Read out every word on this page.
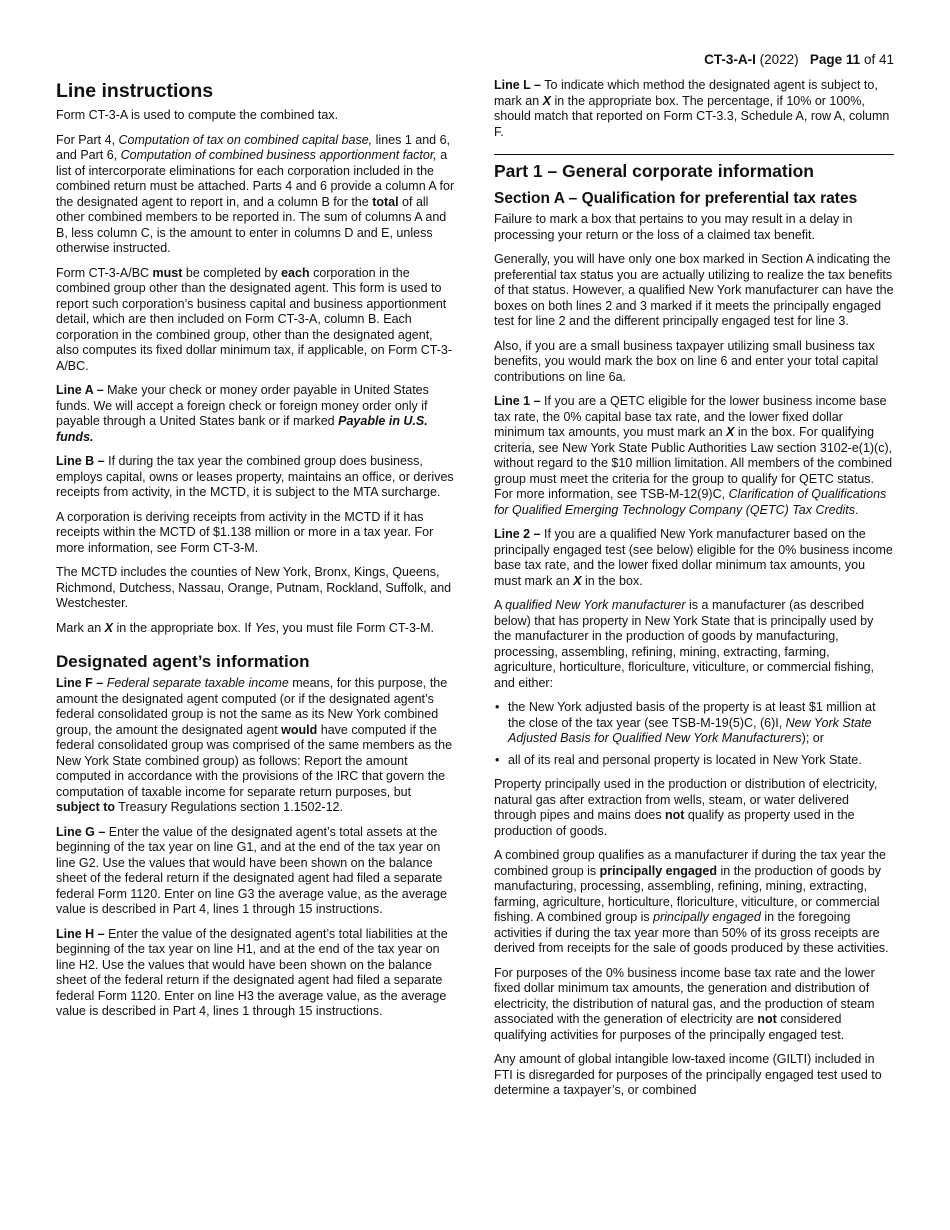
CT-3-A-I (2022) Page 11 of 41
Line instructions

Form CT-3-A is used to compute the combined tax.

For Part 4, Computation of tax on combined capital base, lines 1 and 6, and Part 6, Computation of combined business apportionment factor, a list of intercorporate eliminations for each corporation included in the combined return must be attached. Parts 4 and 6 provide a column A for the designated agent to report in, and a column B for the total of all other combined members to be reported in. The sum of columns A and B, less column C, is the amount to enter in columns D and E, unless otherwise instructed.

Form CT-3-A/BC must be completed by each corporation in the combined group other than the designated agent. This form is used to report such corporation’s business capital and business apportionment detail, which are then included on Form CT-3-A, column B. Each corporation in the combined group, other than the designated agent, also computes its fixed dollar minimum tax, if applicable, on Form CT-3-A/BC.

Line A – Make your check or money order payable in United States funds. We will accept a foreign check or foreign money order only if payable through a United States bank or if marked Payable in U.S. funds.

Line B – If during the tax year the combined group does business, employs capital, owns or leases property, maintains an office, or derives receipts from activity, in the MCTD, it is subject to the MTA surcharge.

A corporation is deriving receipts from activity in the MCTD if it has receipts within the MCTD of $1.138 million or more in a tax year. For more information, see Form CT-3-M.

The MCTD includes the counties of New York, Bronx, Kings, Queens, Richmond, Dutchess, Nassau, Orange, Putnam, Rockland, Suffolk, and Westchester.

Mark an X in the appropriate box. If Yes, you must file Form CT-3-M.

Designated agent’s information

Line F – Federal separate taxable income means, for this purpose, the amount the designated agent computed (or if the designated agent’s federal consolidated group is not the same as its New York combined group, the amount the designated agent would have computed if the federal consolidated group was comprised of the same members as the New York State combined group) as follows: Report the amount computed in accordance with the provisions of the IRC that govern the computation of taxable income for separate return purposes, but subject to Treasury Regulations section 1.1502-12.

Line G – Enter the value of the designated agent’s total assets at the beginning of the tax year on line G1, and at the end of the tax year on line G2. Use the values that would have been shown on the balance sheet of the federal return if the designated agent had filed a separate federal Form 1120. Enter on line G3 the average value, as the average value is described in Part 4, lines 1 through 15 instructions.

Line H – Enter the value of the designated agent’s total liabilities at the beginning of the tax year on line H1, and at the end of the tax year on line H2. Use the values that would have been shown on the balance sheet of the federal return if the designated agent had filed a separate federal Form 1120. Enter on line H3 the average value, as the average value is described in Part 4, lines 1 through 15 instructions.

Line L – To indicate which method the designated agent is subject to, mark an X in the appropriate box. The percentage, if 10% or 100%, should match that reported on Form CT-3.3, Schedule A, row A, column F.

Part 1 – General corporate information
Section A – Qualification for preferential tax rates

Failure to mark a box that pertains to you may result in a delay in processing your return or the loss of a claimed tax benefit.

Generally, you will have only one box marked in Section A indicating the preferential tax status you are actually utilizing to realize the tax benefits of that status. However, a qualified New York manufacturer can have the boxes on both lines 2 and 3 marked if it meets the principally engaged test for line 2 and the different principally engaged test for line 3.

Also, if you are a small business taxpayer utilizing small business tax benefits, you would mark the box on line 6 and enter your total capital contributions on line 6a.

Line 1 – If you are a QETC eligible for the lower business income base tax rate, the 0% capital base tax rate, and the lower fixed dollar minimum tax amounts, you must mark an X in the box. For qualifying criteria, see New York State Public Authorities Law section 3102-e(1)(c), without regard to the $10 million limitation. All members of the combined group must meet the criteria for the group to qualify for QETC status. For more information, see TSB-M-12(9)C, Clarification of Qualifications for Qualified Emerging Technology Company (QETC) Tax Credits.

Line 2 – If you are a qualified New York manufacturer based on the principally engaged test (see below) eligible for the 0% business income base tax rate, and the lower fixed dollar minimum tax amounts, you must mark an X in the box.

A qualified New York manufacturer is a manufacturer (as described below) that has property in New York State that is principally used by the manufacturer in the production of goods by manufacturing, processing, assembling, refining, mining, extracting, farming, agriculture, horticulture, floriculture, viticulture, or commercial fishing, and either:

• the New York adjusted basis of the property is at least $1 million at the close of the tax year (see TSB-M-19(5)C, (6)I, New York State Adjusted Basis for Qualified New York Manufacturers); or
• all of its real and personal property is located in New York State.

Property principally used in the production or distribution of electricity, natural gas after extraction from wells, steam, or water delivered through pipes and mains does not qualify as property used in the production of goods.

A combined group qualifies as a manufacturer if during the tax year the combined group is principally engaged in the production of goods by manufacturing, processing, assembling, refining, mining, extracting, farming, agriculture, horticulture, floriculture, viticulture, or commercial fishing. A combined group is principally engaged in the foregoing activities if during the tax year more than 50% of its gross receipts are derived from receipts for the sale of goods produced by these activities.

For purposes of the 0% business income base tax rate and the lower fixed dollar minimum tax amounts, the generation and distribution of electricity, the distribution of natural gas, and the production of steam associated with the generation of electricity are not considered qualifying activities for purposes of the principally engaged test.

Any amount of global intangible low-taxed income (GILTI) included in FTI is disregarded for purposes of the principally engaged test used to determine a taxpayer’s, or combined
